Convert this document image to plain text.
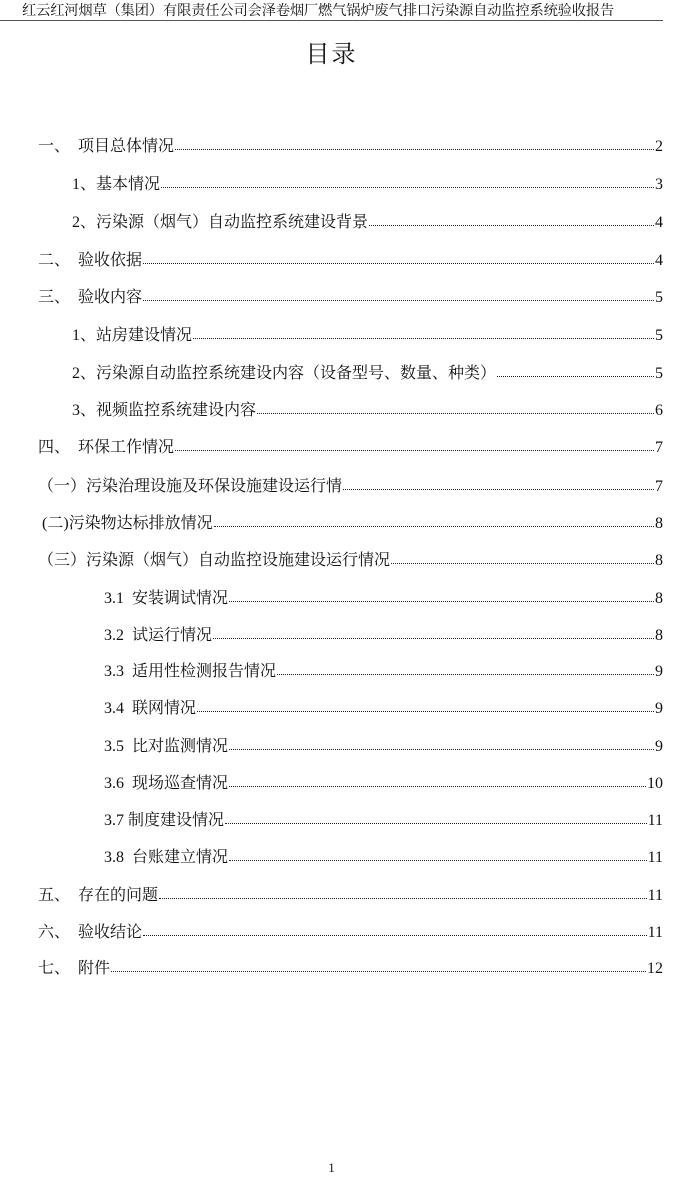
红云红河烟草（集团）有限责任公司会泽卷烟厂燃气锅炉废气排口污染源自动监控系统验收报告
目录
一、 项目总体情况	2
1、 基本情况	3
2、 污染源（烟气）自动监控系统建设背景	4
二、 验收依据	4
三、 验收内容	5
1、 站房建设情况	5
2、 污染源自动监控系统建设内容（设备型号、数量、种类）	5
3、 视频监控系统建设内容	6
四、 环保工作情况	7
（一） 污染治理设施及环保设施建设运行情	7
(二) 污染物达标排放情况	8
（三） 污染源（烟气）自动监控设施建设运行情况	8
3.1 安装调试情况	8
3.2 试运行情况	8
3.3 适用性检测报告情况	9
3.4 联网情况	9
3.5 比对监测情况	9
3.6 现场巡查情况	10
3.7 制度建设情况	11
3.8 台账建立情况	11
五、 存在的问题	11
六、 验收结论	11
七、 附件	12
1
